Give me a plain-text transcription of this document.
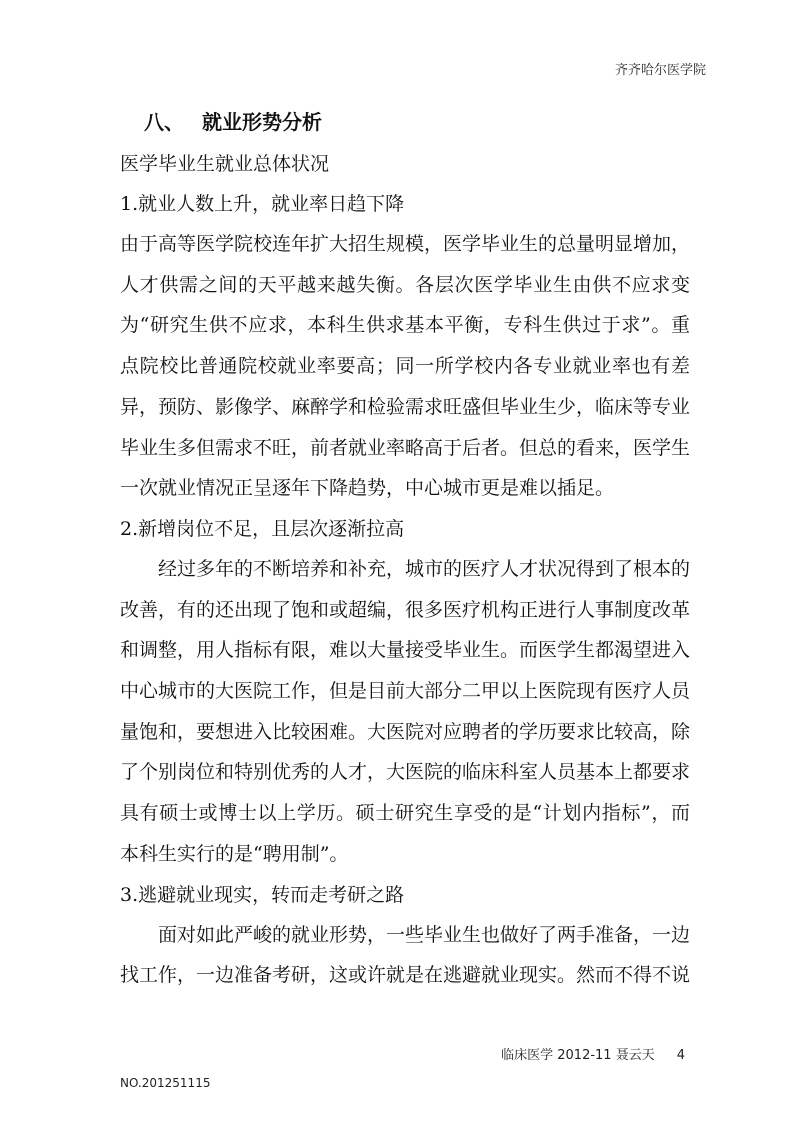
齐齐哈尔医学院
八、 就业形势分析
医学毕业生就业总体状况
1.就业人数上升，就业率日趋下降

由于高等医学院校连年扩大招生规模，医学毕业生的总量明显增加，人才供需之间的天平越来越失衡。各层次医学毕业生由供不应求变为“研究生供不应求，本科生供求基本平衡，专科生供过于求”。重点院校比普通院校就业率要高；同一所学校内各专业就业率也有差异，预防、影像学、麻醉学和检验需求旺盛但毕业生少，临床等专业毕业生多但需求不旺，前者就业率略高于后者。但总的看来，医学生一次就业情况正呈逐年下降趋势，中心城市更是难以插足。

2.新增岗位不足，且层次逐渐拉高

经过多年的不断培养和补充，城市的医疗人才状况得到了根本的改善，有的还出现了饱和或超编，很多医疗机构正进行人事制度改革和调整，用人指标有限，难以大量接受毕业生。而医学生都渴望进入中心城市的大医院工作，但是目前大部分二甲以上医院现有医疗人员量饱和，要想进入比较困难。大医院对应聘者的学历要求比较高，除了个别岗位和特别优秀的人才，大医院的临床科室人员基本上都要求具有硕士或博士以上学历。硕士研究生享受的是“计划内指标”，而本科生实行的是“聘用制”。

3.逃避就业现实，转而走考研之路

面对如此严峻的就业形势，一些毕业生也做好了两手准备，一边找工作，一边准备考研，这或许就是在逃避就业现实。然而不得不说

临床医学 2012-11 聂云天 4
NO.201251115
